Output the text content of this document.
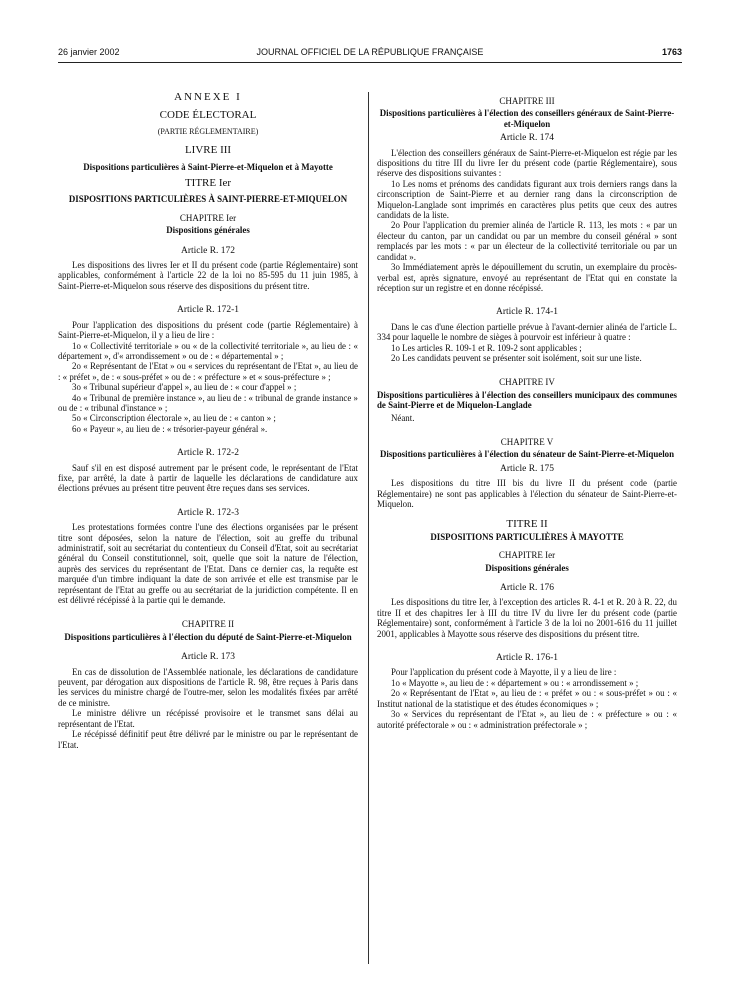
26 janvier 2002	JOURNAL OFFICIEL DE LA RÉPUBLIQUE FRANÇAISE	1763
ANNEXE I
CODE ÉLECTORAL
(PARTIE RÉGLEMENTAIRE)
LIVRE III
Dispositions particulières à Saint-Pierre-et-Miquelon et à Mayotte
TITRE Ier
DISPOSITIONS PARTICULIÈRES À SAINT-PIERRE-ET-MIQUELON
CHAPITRE Ier
Dispositions générales
Article R. 172

Les dispositions des livres Ier et II du présent code (partie Réglementaire) sont applicables, conformément à l'article 22 de la loi no 85-595 du 11 juin 1985, à Saint-Pierre-et-Miquelon sous réserve des dispositions du présent titre.

Article R. 172-1

Pour l'application des dispositions du présent code (partie Réglementaire) à Saint-Pierre-et-Miquelon, il y a lieu de lire :

1o « Collectivité territoriale » ou « de la collectivité territoriale », au lieu de : « département », d'« arrondissement » ou de : « départemental » ;

2o « Représentant de l'Etat » ou « services du représentant de l'Etat », au lieu de : « préfet », de : « sous-préfet » ou de : « préfecture » et « sous-préfecture » ;

3o « Tribunal supérieur d'appel », au lieu de : « cour d'appel » ;

4o « Tribunal de première instance », au lieu de : « tribunal de grande instance » ou de : « tribunal d'instance » ;

5o « Circonscription électorale », au lieu de : « canton » ;

6o « Payeur », au lieu de : « trésorier-payeur général ».

Article R. 172-2

Sauf s'il en est disposé autrement par le présent code, le représentant de l'Etat fixe, par arrêté, la date à partir de laquelle les déclarations de candidature aux élections prévues au présent titre peuvent être reçues dans ses services.

Article R. 172-3

Les protestations formées contre l'une des élections organisées par le présent titre sont déposées, selon la nature de l'élection, soit au greffe du tribunal administratif, soit au secrétariat du contentieux du Conseil d'Etat, soit au secrétariat général du Conseil constitutionnel, soit, quelle que soit la nature de l'élection, auprès des services du représentant de l'Etat. Dans ce dernier cas, la requête est marquée d'un timbre indiquant la date de son arrivée et elle est transmise par le représentant de l'Etat au greffe ou au secrétariat de la juridiction compétente. Il en est délivré récépissé à la partie qui le demande.

CHAPITRE II
Dispositions particulières à l'élection du député de Saint-Pierre-et-Miquelon
Article R. 173

En cas de dissolution de l'Assemblée nationale, les déclarations de candidature peuvent, par dérogation aux dispositions de l'article R. 98, être reçues à Paris dans les services du ministre chargé de l'outre-mer, selon les modalités fixées par arrêté de ce ministre.

Le ministre délivre un récépissé provisoire et le transmet sans délai au représentant de l'Etat.

Le récépissé définitif peut être délivré par le ministre ou par le représentant de l'Etat.

CHAPITRE III
Dispositions particulières à l'élection des conseillers généraux de Saint-Pierre-et-Miquelon
Article R. 174

L'élection des conseillers généraux de Saint-Pierre-et-Miquelon est régie par les dispositions du titre III du livre Ier du présent code (partie Réglementaire), sous réserve des dispositions suivantes :

1o Les noms et prénoms des candidats figurant aux trois derniers rangs dans la circonscription de Saint-Pierre et au dernier rang dans la circonscription de Miquelon-Langlade sont imprimés en caractères plus petits que ceux des autres candidats de la liste.

2o Pour l'application du premier alinéa de l'article R. 113, les mots : « par un électeur du canton, par un candidat ou par un membre du conseil général » sont remplacés par les mots : « par un électeur de la collectivité territoriale ou par un candidat ».

3o Immédiatement après le dépouillement du scrutin, un exemplaire du procès-verbal est, après signature, envoyé au représentant de l'Etat qui en constate la réception sur un registre et en donne récépissé.

Article R. 174-1

Dans le cas d'une élection partielle prévue à l'avant-dernier alinéa de l'article L. 334 pour laquelle le nombre de sièges à pourvoir est inférieur à quatre :

1o Les articles R. 109-1 et R. 109-2 sont applicables ;

2o Les candidats peuvent se présenter soit isolément, soit sur une liste.

CHAPITRE IV

Dispositions particulières à l'élection des conseillers municipaux des communes de Saint-Pierre et de Miquelon-Langlade

Néant.

CHAPITRE V
Dispositions particulières à l'élection du sénateur de Saint-Pierre-et-Miquelon
Article R. 175

Les dispositions du titre III bis du livre II du présent code (partie Réglementaire) ne sont pas applicables à l'élection du sénateur de Saint-Pierre-et-Miquelon.

TITRE II
DISPOSITIONS PARTICULIÈRES À MAYOTTE
CHAPITRE Ier
Dispositions générales
Article R. 176

Les dispositions du titre Ier, à l'exception des articles R. 4-1 et R. 20 à R. 22, du titre II et des chapitres Ier à III du titre IV du livre Ier du présent code (partie Réglementaire) sont, conformément à l'article 3 de la loi no 2001-616 du 11 juillet 2001, applicables à Mayotte sous réserve des dispositions du présent titre.

Article R. 176-1

Pour l'application du présent code à Mayotte, il y a lieu de lire :

1o « Mayotte », au lieu de : « département » ou : « arrondissement » ;

2o « Représentant de l'Etat », au lieu de : « préfet » ou : « sous-préfet » ou : « Institut national de la statistique et des études économiques » ;

3o « Services du représentant de l'Etat », au lieu de : « préfecture » ou : « autorité préfectorale » ou : « administration préfectorale » ;
